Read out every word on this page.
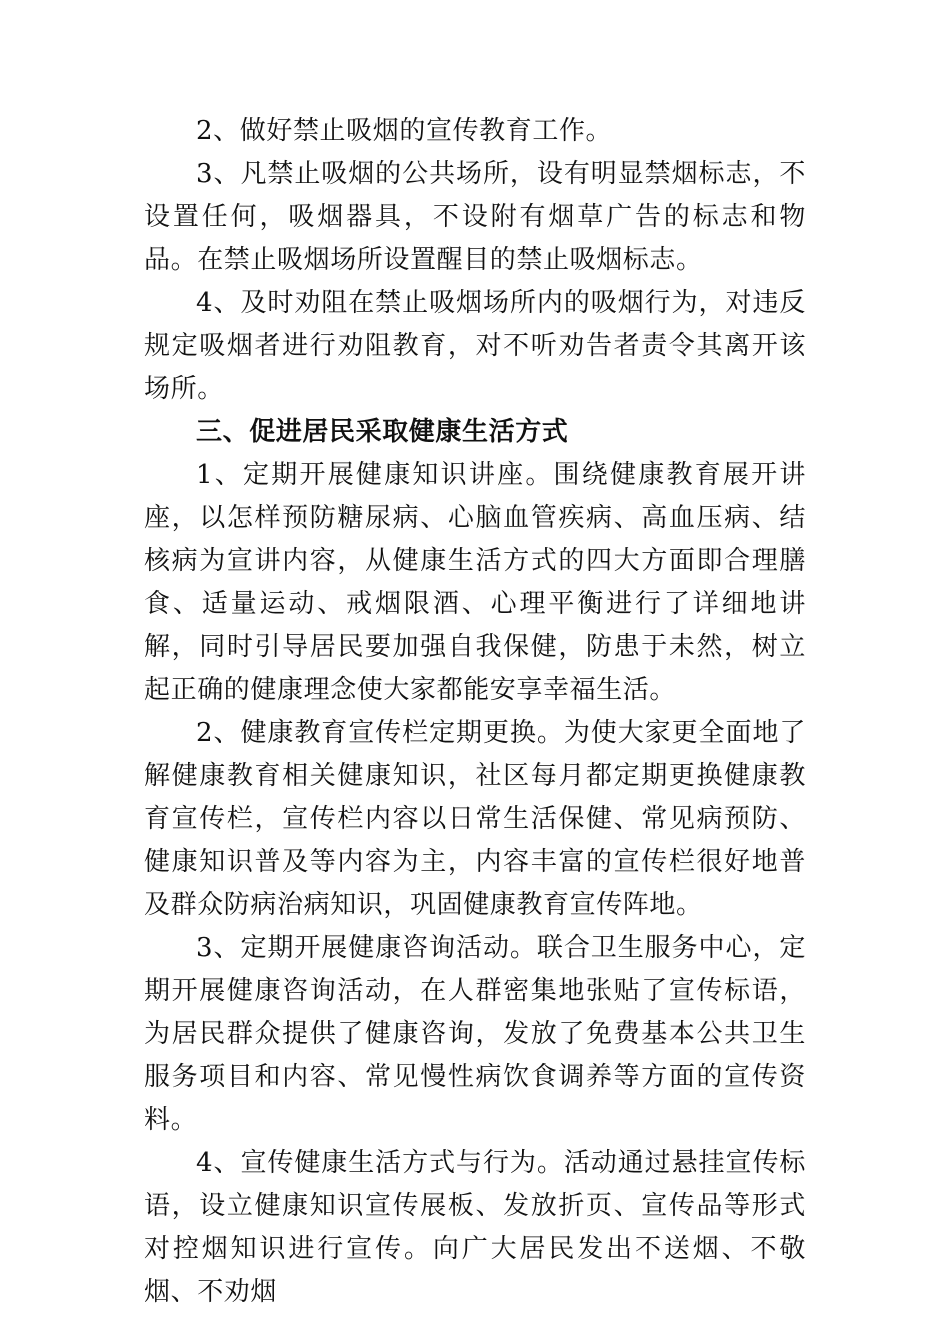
2、做好禁止吸烟的宣传教育工作。

3、凡禁止吸烟的公共场所，设有明显禁烟标志，不设置任何，吸烟器具，不设附有烟草广告的标志和物品。在禁止吸烟场所设置醒目的禁止吸烟标志。

4、及时劝阻在禁止吸烟场所内的吸烟行为，对违反规定吸烟者进行劝阻教育，对不听劝告者责令其离开该场所。

三、促进居民采取健康生活方式

1、定期开展健康知识讲座。围绕健康教育展开讲座，以怎样预防糖尿病、心脑血管疾病、高血压病、结核病为宣讲内容，从健康生活方式的四大方面即合理膳食、适量运动、戒烟限酒、心理平衡进行了详细地讲解，同时引导居民要加强自我保健，防患于未然，树立起正确的健康理念使大家都能安享幸福生活。

2、健康教育宣传栏定期更换。为使大家更全面地了解健康教育相关健康知识，社区每月都定期更换健康教育宣传栏，宣传栏内容以日常生活保健、常见病预防、健康知识普及等内容为主，内容丰富的宣传栏很好地普及群众防病治病知识，巩固健康教育宣传阵地。

3、定期开展健康咨询活动。联合卫生服务中心，定期开展健康咨询活动，在人群密集地张贴了宣传标语，为居民群众提供了健康咨询，发放了免费基本公共卫生服务项目和内容、常见慢性病饮食调养等方面的宣传资料。

4、宣传健康生活方式与行为。活动通过悬挂宣传标语，设立健康知识宣传展板、发放折页、宣传品等形式对控烟知识进行宣传。向广大居民发出不送烟、不敬烟、不劝烟
